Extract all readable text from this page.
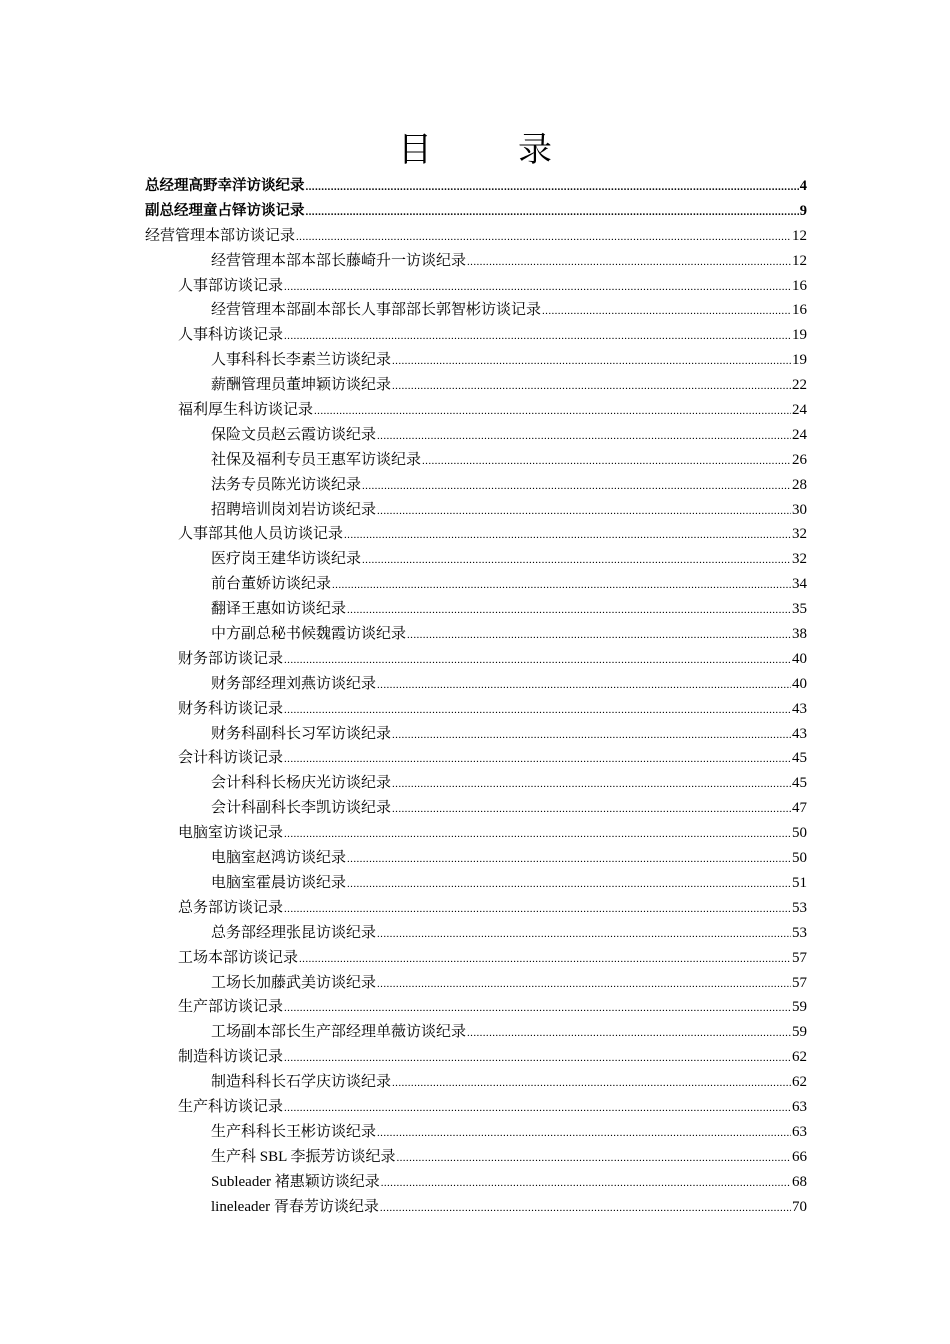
目　录
总经理高野幸洋访谈纪录 .....	4
副总经理童占铎访谈记录 .....	9
经营管理本部访谈记录 .....	12
经营管理本部本部长藤崎升一访谈纪录 .....	12
人事部访谈记录 .....	16
经营管理本部副本部长人事部部长郭智彬访谈记录 .....	16
人事科访谈记录 .....	19
人事科科长李素兰访谈纪录 .....	19
薪酬管理员董坤颖访谈纪录 .....	22
福利厚生科访谈记录 .....	24
保险文员赵云霞访谈纪录 .....	24
社保及福利专员王惠军访谈纪录 .....	26
法务专员陈光访谈纪录 .....	28
招聘培训岗刘岩访谈纪录 .....	30
人事部其他人员访谈记录 .....	32
医疗岗王建华访谈纪录 .....	32
前台董娇访谈纪录 .....	34
翻译王惠如访谈纪录 .....	35
中方副总秘书候魏霞访谈纪录 .....	38
财务部访谈记录 .....	40
财务部经理刘燕访谈纪录 .....	40
财务科访谈记录 .....	43
财务科副科长习军访谈纪录 .....	43
会计科访谈记录 .....	45
会计科科长杨庆光访谈纪录 .....	45
会计科副科长李凯访谈纪录 .....	47
电脑室访谈记录 .....	50
电脑室赵鸿访谈纪录 .....	50
电脑室霍晨访谈纪录 .....	51
总务部访谈记录 .....	53
总务部经理张昆访谈纪录 .....	53
工场本部访谈记录 .....	57
工场长加藤武美访谈纪录 .....	57
生产部访谈记录 .....	59
工场副本部长生产部经理单薇访谈纪录 .....	59
制造科访谈记录 .....	62
制造科科长石学庆访谈纪录 .....	62
生产科访谈记录 .....	63
生产科科长王彬访谈纪录 .....	63
生产科 SBL 李振芳访谈纪录 .....	66
Subleader 褚惠颖访谈纪录 .....	68
lineleader 胥春芳访谈纪录 .....	70
